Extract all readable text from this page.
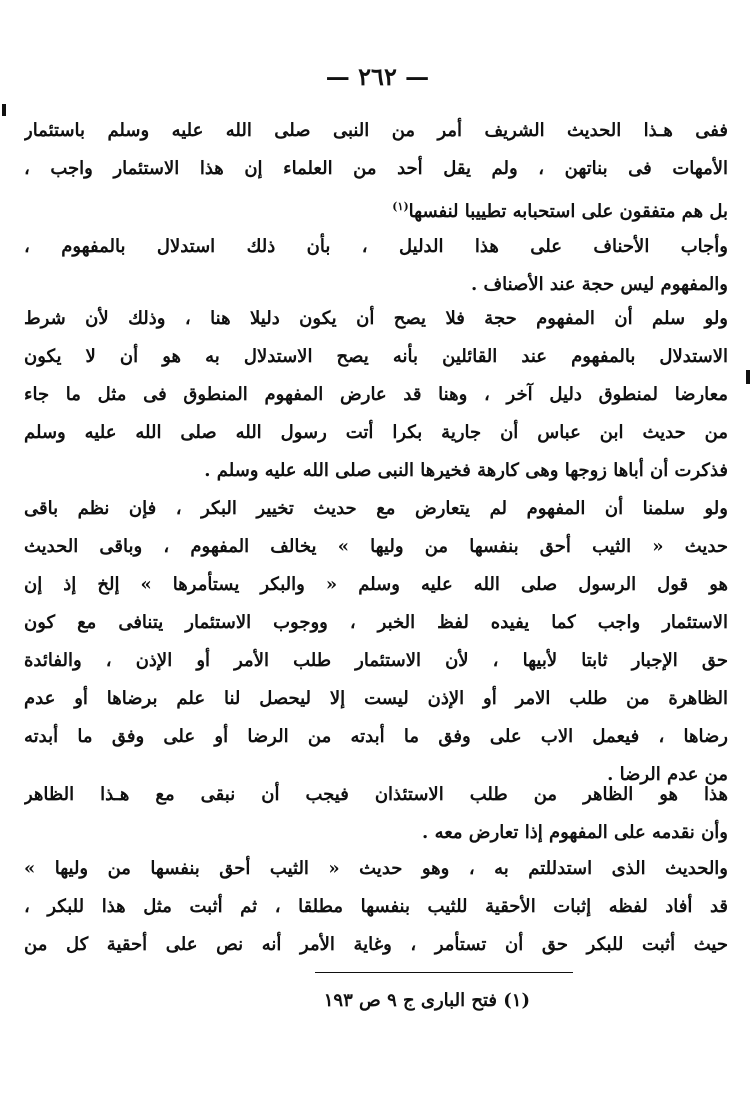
— ٢٦٢ —
ففى هـذا الحديث الشريف أمر من النبى صلى الله عليه وسلم باستئمار
الأمهات فى بناتهن ، ولم يقل أحد من العلماء إن هذا الاستئمار واجب ،
بل هم متفقون على استحبابه تطييبا لنفسها$^{(١)}$
وأجاب الأحناف على هذا الدليل ، بأن ذلك استدلال بالمفهوم ،
والمفهوم ليس حجة عند الأصناف .
ولو سلم أن المفهوم حجة فلا يصح أن يكون دليلا هنا ، وذلك لأن شرط
الاستدلال بالمفهوم عند القائلين بأنه يصح الاستدلال به هو أن لا يكون
معارضا لمنطوق دليل آخر ، وهنا قد عارض المفهوم المنطوق فى مثل ما جاء
من حديث ابن عباس أن جارية بكرا أتت رسول الله صلى الله عليه وسلم
فذكرت أن أباها زوجها وهى كارهة فخيرها النبى صلى الله عليه وسلم .
ولو سلمنا أن المفهوم لم يتعارض مع حديث تخيير البكر ، فإن نظم باقى
حديث « الثيب أحق بنفسها من وليها » يخالف المفهوم ، وباقى الحديث
هو قول الرسول صلى الله عليه وسلم « والبكر يستأمرها » إلخ إذ إن
الاستئمار واجب كما يفيده لفظ الخبر ، ووجوب الاستئمار يتنافى مع كون
حق الإجبار ثابتا لأبيها ، لأن الاستئمار طلب الأمر أو الإذن ، والفائدة
الظاهرة من طلب الامر أو الإذن ليست إلا ليحصل لنا علم برضاها أو عدم
رضاها ، فيعمل الاب على وفق ما أبدته من الرضا أو على وفق ما أبدته
من عدم الرضا .
هذا هو الظاهر من طلب الاستئذان فيجب أن نبقى مع هـذا الظاهر
وأن نقدمه على المفهوم إذا تعارض معه .
والحديث الذى استدللتم به ، وهو حديث « الثيب أحق بنفسها من وليها »
قد أفاد لفظه إثبات الأحقية للثيب بنفسها مطلقا ، ثم أثبت مثل هذا للبكر ،
حيث أثبت للبكر حق أن تستأمر ، وغاية الأمر أنه نص على أحقية كل من
(١) فتح البارى ج ٩ ص ١٩٣
